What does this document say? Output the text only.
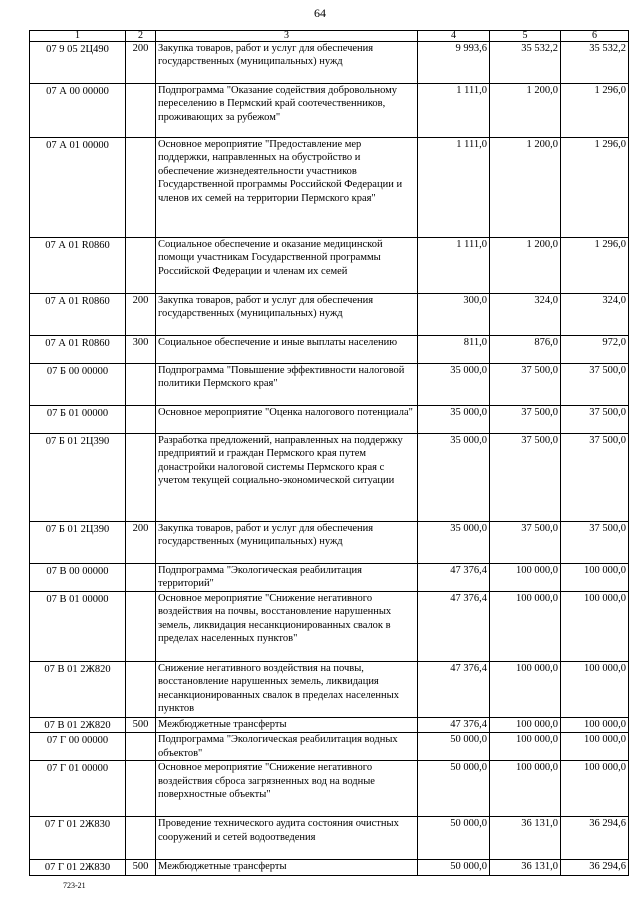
64
1	2	3	4	5	6
07 9 05 2Ц490	200	Закупка товаров, работ и услуг для обеспечения государственных (муниципальных) нужд	9 993,6	35 532,2	35 532,2
07 А 00 00000		Подпрограмма "Оказание содействия добровольному переселению в Пермский край соотечественников, проживающих за рубежом"	1 111,0	1 200,0	1 296,0
07 А 01 00000		Основное мероприятие "Предоставление мер поддержки, направленных на обустройство и обеспечение жизнедеятельности участников Государственной программы Российской Федерации и членов их семей на территории Пермского края"	1 111,0	1 200,0	1 296,0
07 А 01 R0860		Социальное обеспечение и оказание медицинской помощи участникам Государственной программы Российской Федерации и членам их семей	1 111,0	1 200,0	1 296,0
07 А 01 R0860	200	Закупка товаров, работ и услуг для обеспечения государственных (муниципальных) нужд	300,0	324,0	324,0
07 А 01 R0860	300	Социальное обеспечение и иные выплаты населению	811,0	876,0	972,0
07 Б 00 00000		Подпрограмма "Повышение эффективности налоговой политики Пермского края"	35 000,0	37 500,0	37 500,0
07 Б 01 00000		Основное мероприятие "Оценка налогового потенциала"	35 000,0	37 500,0	37 500,0
07 Б 01 2Ц390		Разработка предложений, направленных на поддержку предприятий и граждан Пермского края путем донастройки налоговой системы Пермского края с учетом текущей социально-экономической ситуации	35 000,0	37 500,0	37 500,0
07 Б 01 2Ц390	200	Закупка товаров, работ и услуг для обеспечения государственных (муниципальных) нужд	35 000,0	37 500,0	37 500,0
07 В 00 00000		Подпрограмма "Экологическая реабилитация территорий"	47 376,4	100 000,0	100 000,0
07 В 01 00000		Основное мероприятие "Снижение негативного воздействия на почвы, восстановление нарушенных земель, ликвидация несанкционированных свалок в пределах населенных пунктов"	47 376,4	100 000,0	100 000,0
07 В 01 2Ж820		Снижение негативного воздействия на почвы, восстановление нарушенных земель, ликвидация несанкционированных свалок в пределах населенных пунктов	47 376,4	100 000,0	100 000,0
07 В 01 2Ж820	500	Межбюджетные трансферты	47 376,4	100 000,0	100 000,0
07 Г 00 00000		Подпрограмма "Экологическая реабилитация водных объектов"	50 000,0	100 000,0	100 000,0
07 Г 01 00000		Основное мероприятие "Снижение негативного воздействия сброса загрязненных вод на водные поверхностные объекты"	50 000,0	100 000,0	100 000,0
07 Г 01 2Ж830		Проведение технического аудита состояния очистных сооружений и сетей водоотведения	50 000,0	36 131,0	36 294,6
07 Г 01 2Ж830	500	Межбюджетные трансферты	50 000,0	36 131,0	36 294,6
723-21
